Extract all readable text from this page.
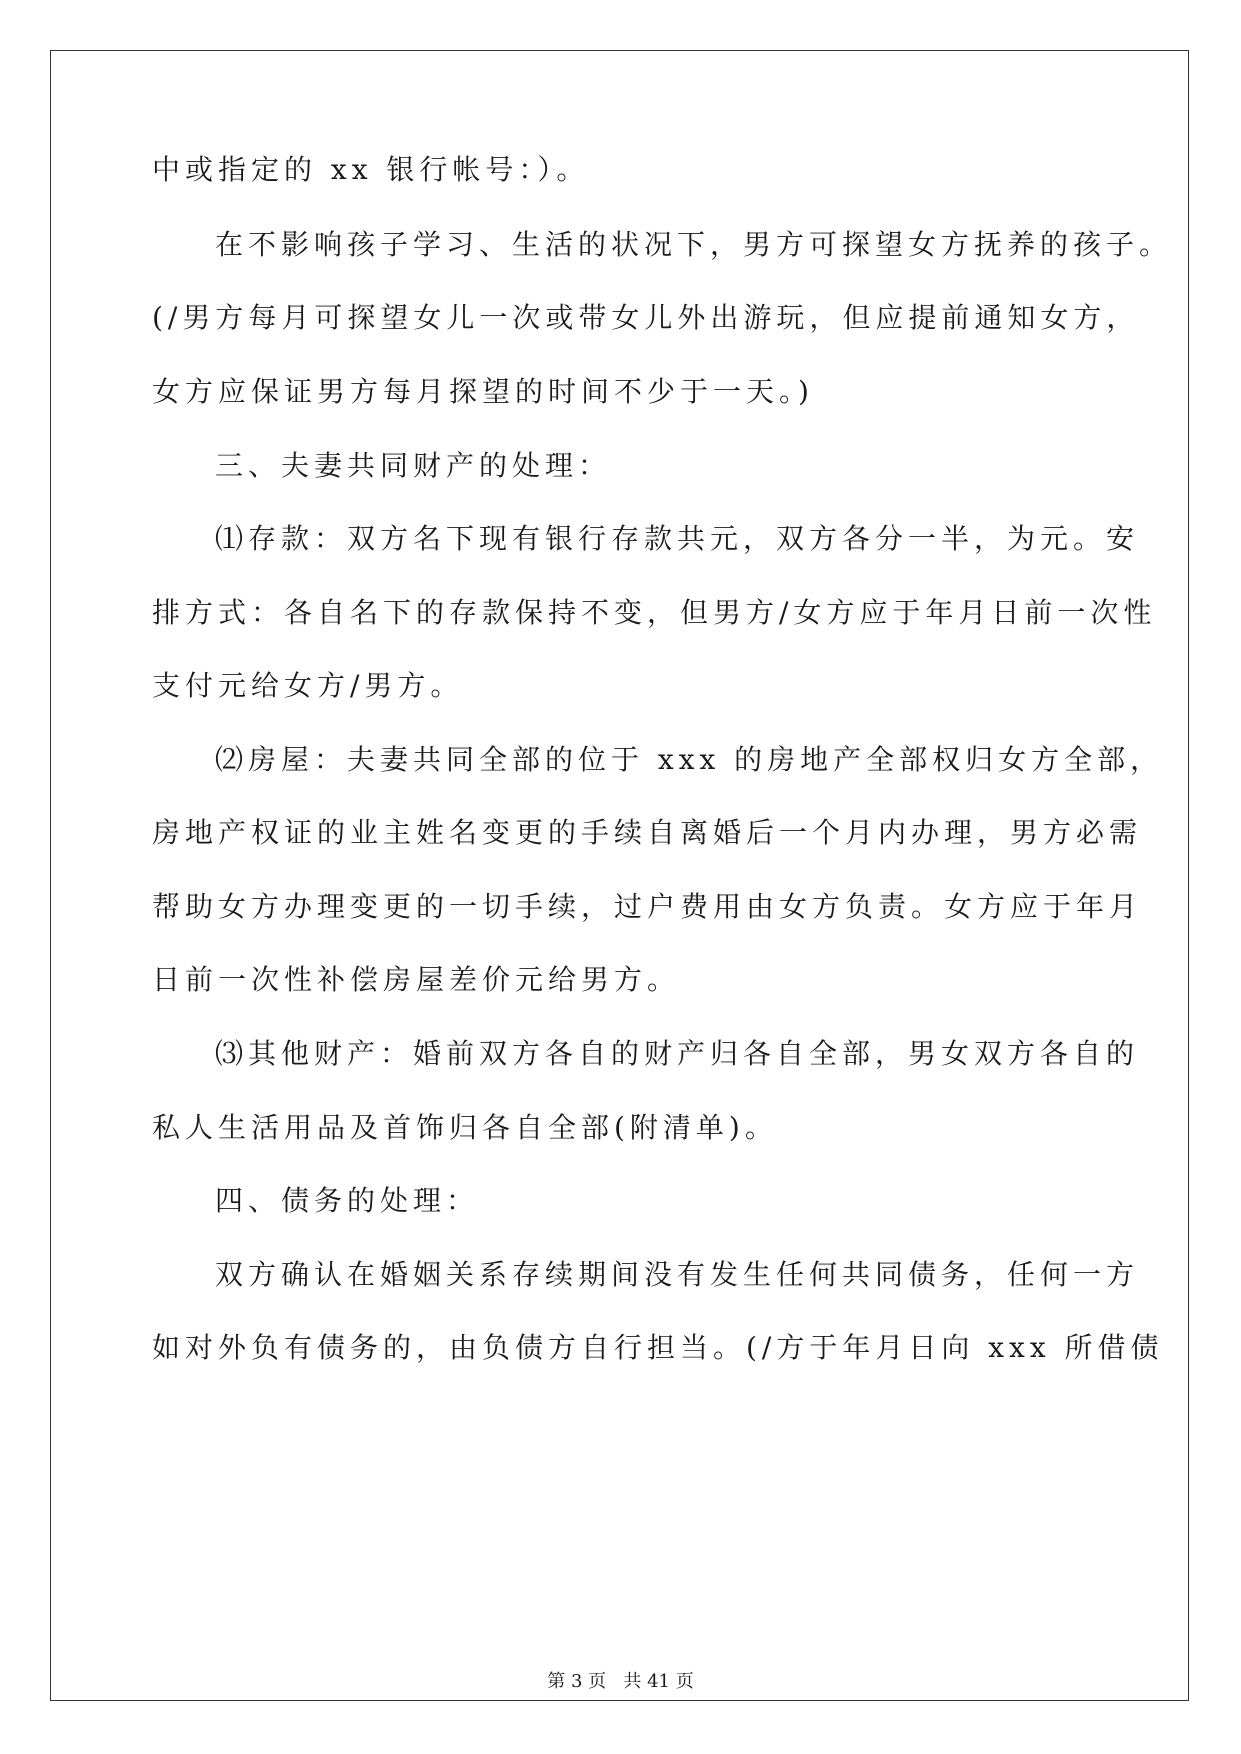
中或指定的 xx 银行帐号：）。
在不影响孩子学习、生活的状况下，男方可探望女方抚养的孩子。
(/男方每月可探望女儿一次或带女儿外出游玩，但应提前通知女方，
女方应保证男方每月探望的时间不少于一天。)
三、夫妻共同财产的处理：
⑴存款：双方名下现有银行存款共元，双方各分一半，为元。安
排方式：各自名下的存款保持不变，但男方/女方应于年月日前一次性
支付元给女方/男方。
⑵房屋：夫妻共同全部的位于 xxx 的房地产全部权归女方全部，
房地产权证的业主姓名变更的手续自离婚后一个月内办理，男方必需
帮助女方办理变更的一切手续，过户费用由女方负责。女方应于年月
日前一次性补偿房屋差价元给男方。
⑶其他财产：婚前双方各自的财产归各自全部，男女双方各自的
私人生活用品及首饰归各自全部(附清单)。
四、债务的处理：
双方确认在婚姻关系存续期间没有发生任何共同债务，任何一方
如对外负有债务的，由负债方自行担当。(/方于年月日向 xxx 所借债
第 3 页   共 41 页
